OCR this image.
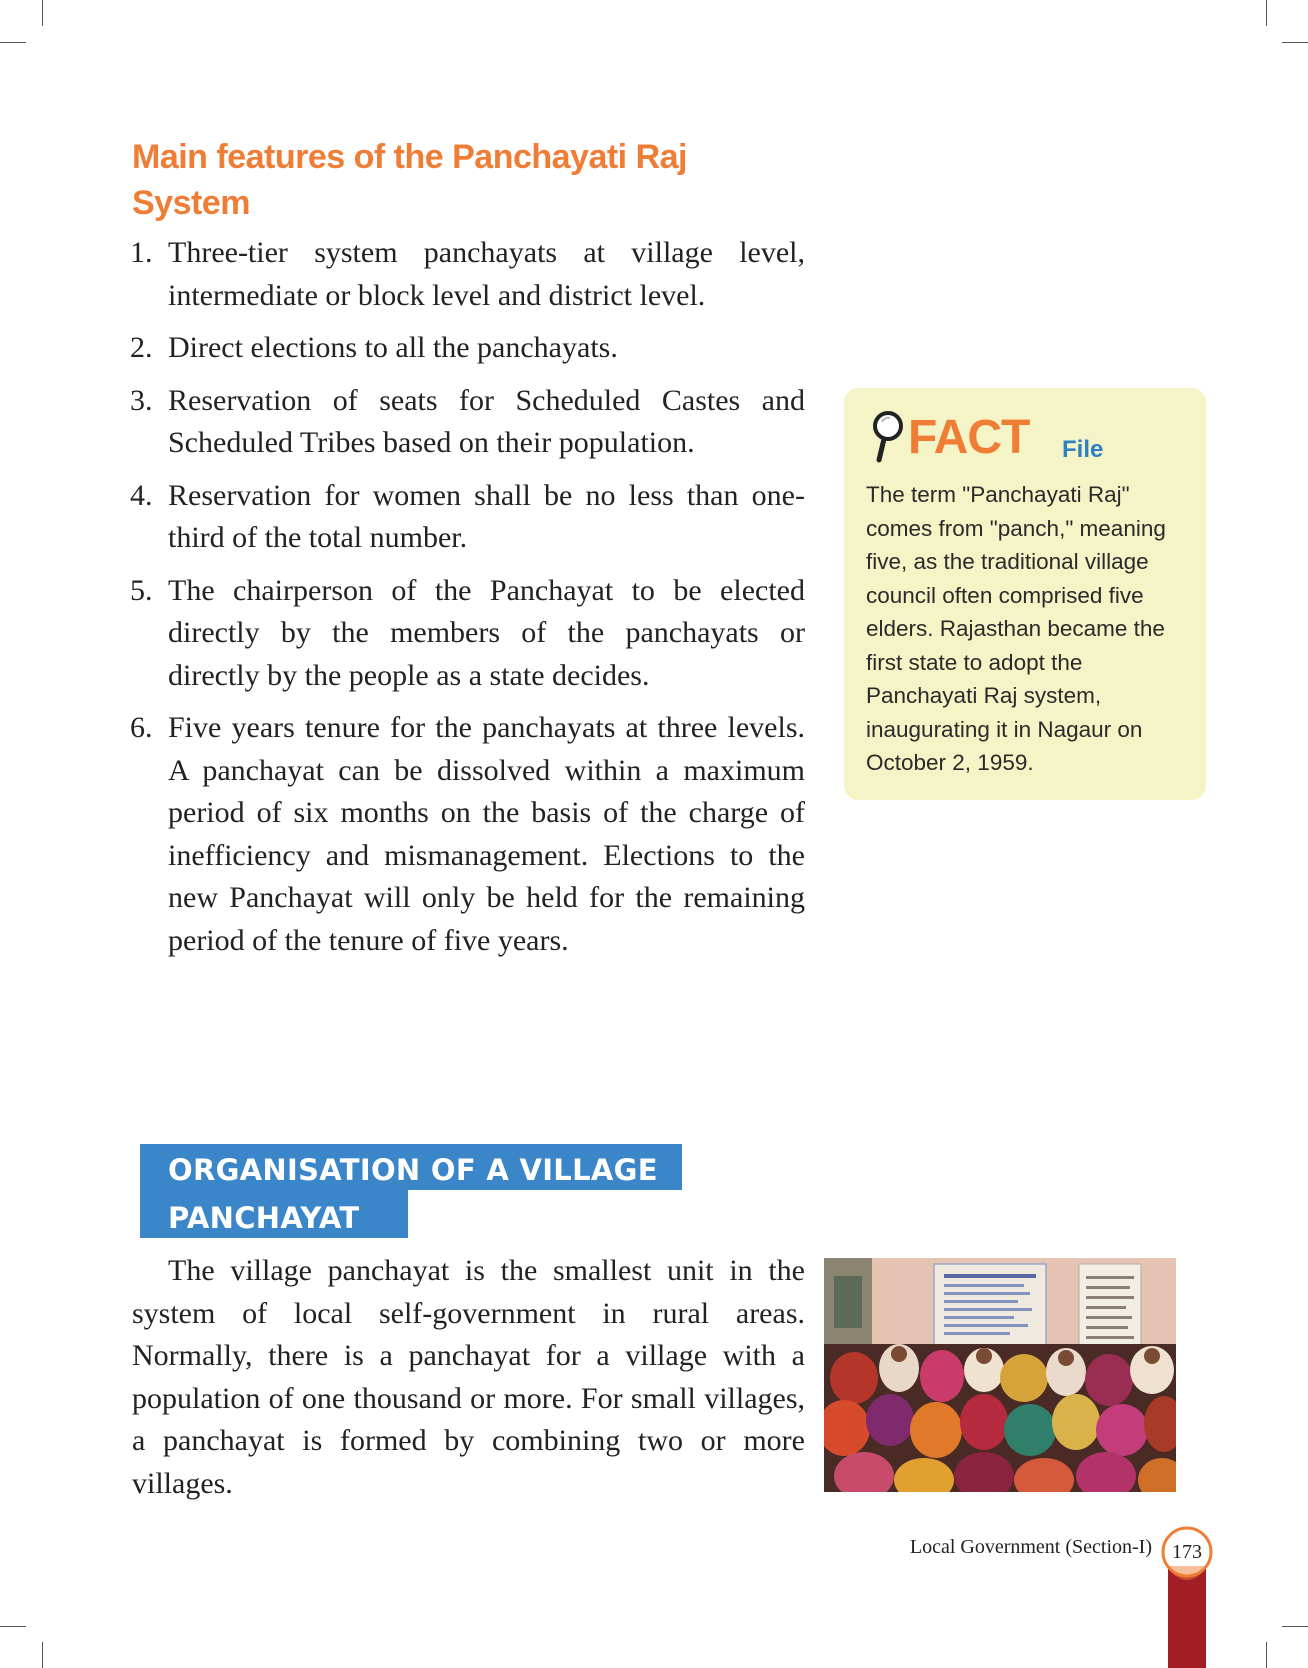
Main features of the Panchayati Raj System
1. Three-tier system panchayats at village level, intermediate or block level and district level.
2. Direct elections to all the panchayats.
3. Reservation of seats for Scheduled Castes and Scheduled Tribes based on their population.
4. Reservation for women shall be no less than one-third of the total number.
5. The chairperson of the Panchayat to be elected directly by the members of the panchayats or directly by the people as a state decides.
6. Five years tenure for the panchayats at three levels. A panchayat can be dissolved within a maximum period of six months on the basis of the charge of inefficiency and mismanagement. Elections to the new Panchayat will only be held for the remaining period of the tenure of five years.
FACT File

The term "Panchayati Raj" comes from "panch," meaning five, as the traditional village council often comprised five elders. Rajasthan became the first state to adopt the Panchayati Raj system, inaugurating it in Nagaur on October 2, 1959.

ORGANISATION OF A VILLAGE PANCHAYAT

The village panchayat is the smallest unit in the system of local self-government in rural areas. Normally, there is a panchayat for a village with a population of one thousand or more. For small villages, a panchayat is formed by combining two or more villages.

Local Government (Section-I)	173
